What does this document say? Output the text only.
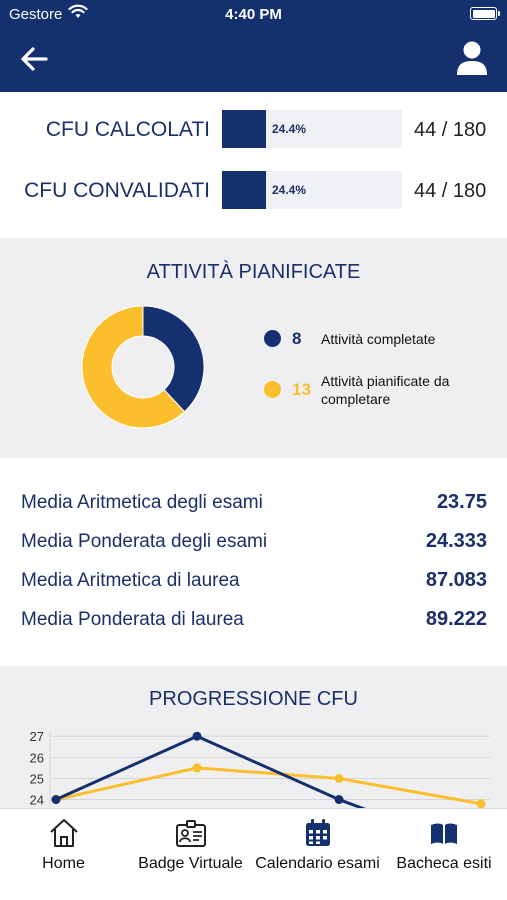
Gestore	4:40 PM
CFU CALCOLATI	24.4%	44 / 180
CFU CONVALIDATI	24.4%	44 / 180
ATTIVITÀ PIANIFICATE
8 Attività completate
13 Attività pianificate da completare
Media Aritmetica degli esami	23.75
Media Ponderata degli esami	24.333
Media Aritmetica di laurea	87.083
Media Ponderata di laurea	89.222
PROGRESSIONE CFU
27
26
25
24
Home	Badge Virtuale Calendario esami	Bacheca esiti
